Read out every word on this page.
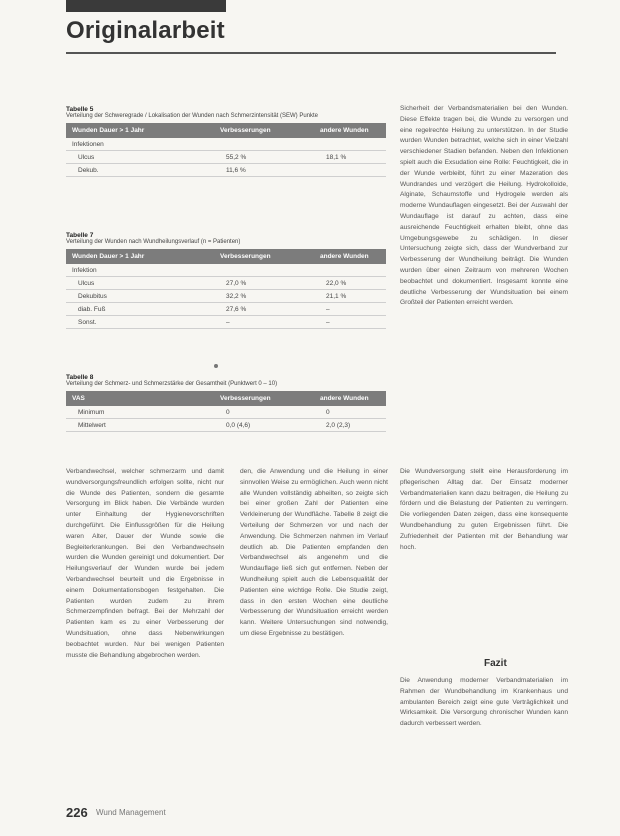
Originalarbeit
Tabelle 5
Verteilung der Schweregrade / Lokalisation der Wunden nach Schmerzintensität (SEW) Punkte
Wunden Dauer > 1 Jahr	Verbesserungen	andere Wunden
Infektionen
Ulcus	55,2 %	18,1 %
Dekub.	11,6 %
Tabelle 7
Verteilung der Wunden nach Wundheilungsverlauf (n = Patienten)
Wunden Dauer > 1 Jahr	Verbesserungen	andere Wunden
Infektion
Ulcus	27,0 %	22,0 %
Dekubitus	32,2 %	21,1 %
diab. Fuß	27,6 %	–
Sonst.	–	–
Tabelle 8
Verteilung der Schmerz- und Schmerzstärke der Gesamtheit (Punktwert 0 – 10)
VAS	Verbesserungen	andere Wunden
Minimum	0	0
Mittelwert	0,0 (4,6)	2,0 (2,3)
Sicherheit der Verbandsmaterialien bei den Wunden. Diese Effekte tragen bei, die Wunde zu versorgen und eine regelrechte Heilung zu unterstützen. In der Studie wurden Wunden betrachtet, welche sich in einer Vielzahl verschiedener Stadien befanden. Neben den Infektionen spielt auch die Exsudation eine Rolle: Feuchtigkeit, die in der Wunde verbleibt, führt zu einer Mazeration des Wundrandes und verzögert die Heilung. Hydrokolloide, Alginate, Schaumstoffe und Hydrogele werden als moderne Wundauflagen eingesetzt. Bei der Auswahl der Wundauflage ist darauf zu achten, dass eine ausreichende Feuchtigkeit erhalten bleibt, ohne das Umgebungsgewebe zu schädigen. In dieser Untersuchung zeigte sich, dass der Wundverband zur Verbesserung der Wundheilung beiträgt. Die Wunden wurden über einen Zeitraum von mehreren Wochen beobachtet und dokumentiert. Insgesamt konnte eine deutliche Verbesserung der Wundsituation bei einem Großteil der Patienten erreicht werden.
Verbandwechsel, welcher schmerzarm und damit wundversorgungsfreundlich erfolgen sollte, nicht nur die Wunde des Patienten, sondern die gesamte Versorgung im Blick haben. Die Verbände wurden unter Einhaltung der Hygienevorschriften durchgeführt. Die Einflussgrößen für die Heilung waren Alter, Dauer der Wunde sowie die Begleiterkrankungen. Bei den Verbandwechseln wurden die Wunden gereinigt und dokumentiert. Der Heilungsverlauf der Wunden wurde bei jedem Verbandwechsel beurteilt und die Ergebnisse in einem Dokumentationsbogen festgehalten. Die Patienten wurden zudem zu ihrem Schmerzempfinden befragt. Bei der Mehrzahl der Patienten kam es zu einer Verbesserung der Wundsituation, ohne dass Nebenwirkungen beobachtet wurden. Nur bei wenigen Patienten musste die Behandlung abgebrochen werden.
den, die Anwendung und die Heilung in einer sinnvollen Weise zu ermöglichen. Auch wenn nicht alle Wunden vollständig abheilten, so zeigte sich bei einer großen Zahl der Patienten eine Verkleinerung der Wundfläche. Tabelle 8 zeigt die Verteilung der Schmerzen vor und nach der Anwendung. Die Schmerzen nahmen im Verlauf deutlich ab. Die Patienten empfanden den Verbandwechsel als angenehm und die Wundauflage ließ sich gut entfernen. Neben der Wundheilung spielt auch die Lebensqualität der Patienten eine wichtige Rolle. Die Studie zeigt, dass in den ersten Wochen eine deutliche Verbesserung der Wundsituation erreicht werden kann. Weitere Untersuchungen sind notwendig, um diese Ergebnisse zu bestätigen.
Die Wundversorgung stellt eine Herausforderung im pflegerischen Alltag dar. Der Einsatz moderner Verbandmaterialien kann dazu beitragen, die Heilung zu fördern und die Belastung der Patienten zu verringern. Die vorliegenden Daten zeigen, dass eine konsequente Wundbehandlung zu guten Ergebnissen führt. Die Zufriedenheit der Patienten mit der Behandlung war hoch.
Fazit
Die Anwendung moderner Verbandmaterialien im Rahmen der Wundbehandlung im Krankenhaus und ambulanten Bereich zeigt eine gute Verträglichkeit und Wirksamkeit. Die Versorgung chronischer Wunden kann dadurch verbessert werden.
226 Wund Management
